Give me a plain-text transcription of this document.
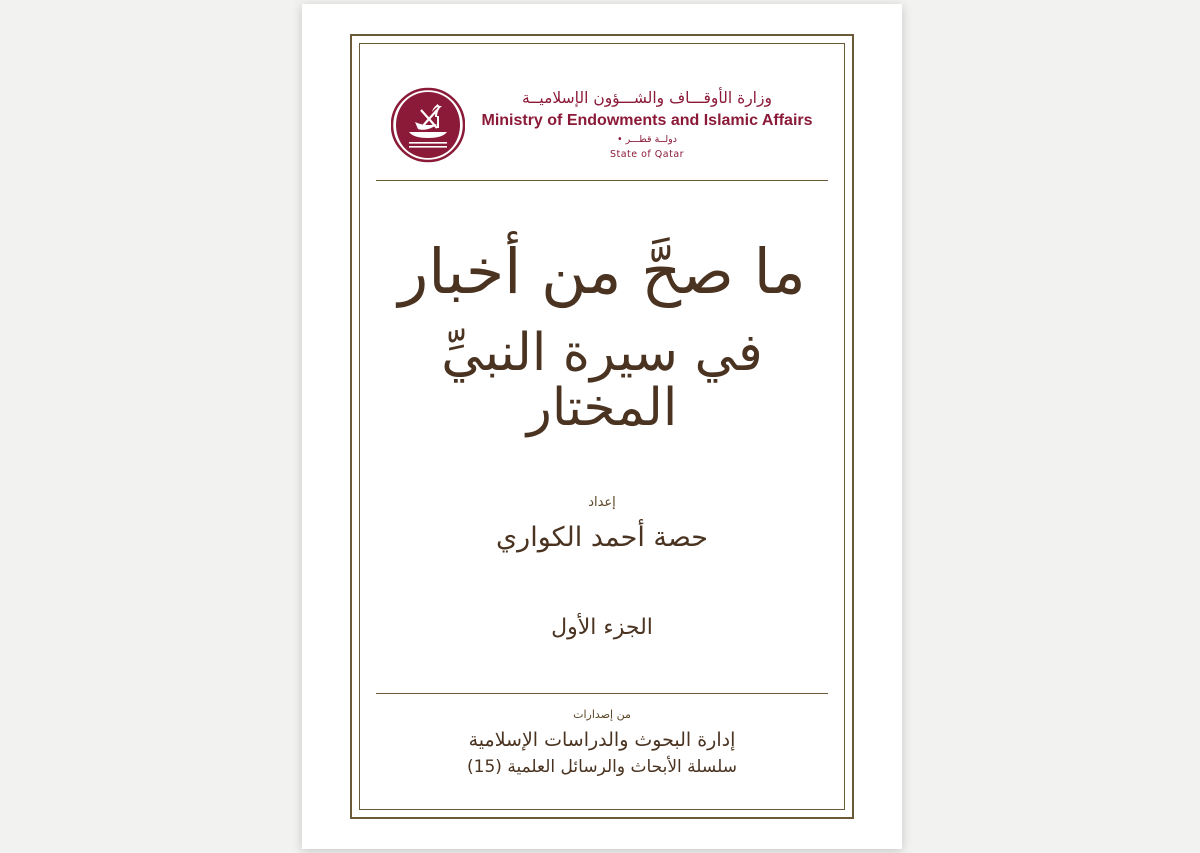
وزارة الأوقـــاف والشـــؤون الإسلاميــة
Ministry of Endowments and Islamic Affairs
دولــة قطـــر •
State of Qatar
ما صحَّ من أخبار
في سيرة النبيِّ المختار
إعداد
حصة أحمد الكواري
الجزء الأول
من إصدارات
إدارة البحوث والدراسات الإسلامية
سلسلة الأبحاث والرسائل العلمية (15)
